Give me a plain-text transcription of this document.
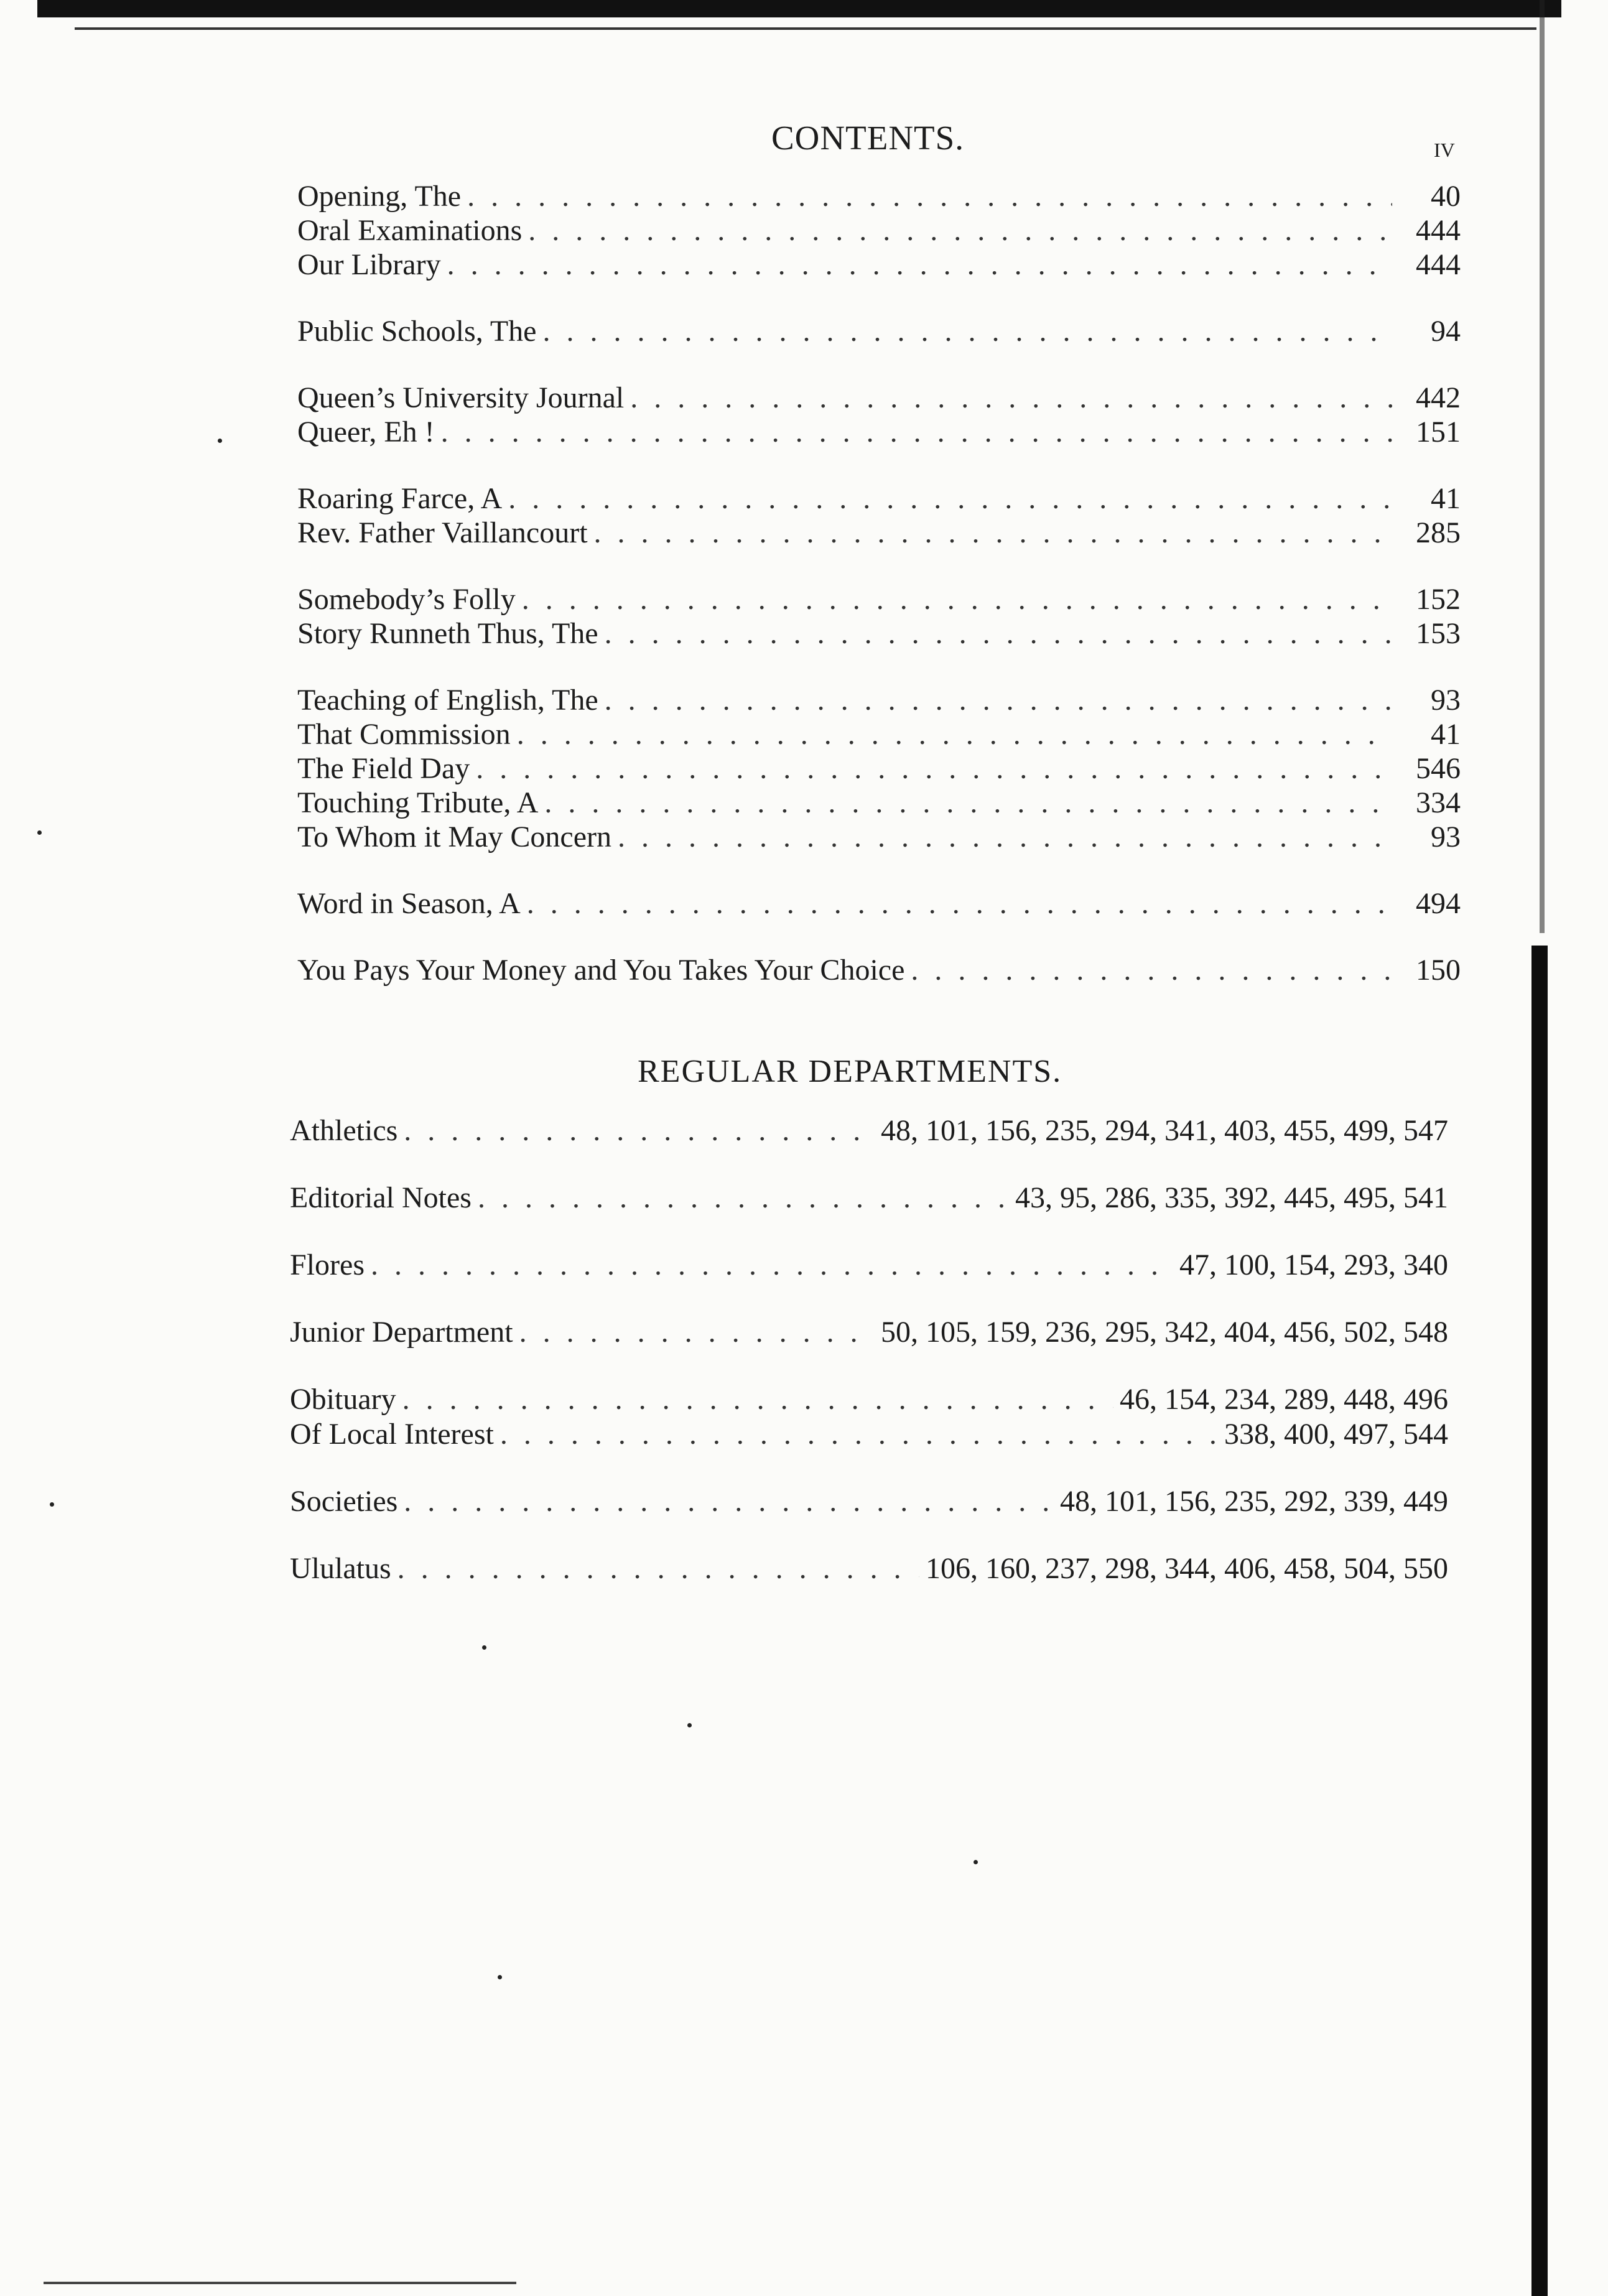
CONTENTS.	iv
Opening, The . . .	40
Oral Examinations . . .	444
Our Library . . .	444
Public Schools, The . . .	94
Queen’s University Journal . . .	442
Queer, Eh ! . . .	151
Roaring Farce, A . . .	41
Rev. Father Vaillancourt . . .	285
Somebody’s Folly . . .	152
Story Runneth Thus, The . . .	153
Teaching of English, The . . .	93
That Commission . . .	41
The Field Day . . .	546
Touching Tribute, A . . .	334
To Whom it May Concern . . .	93
Word in Season, A . . .	494
You Pays Your Money and You Takes Your Choice . . .	150
REGULAR DEPARTMENTS.
Athletics . . .	48, 101, 156, 235, 294, 341, 403, 455, 499, 547
Editorial Notes . . .	43, 95, 286, 335, 392, 445, 495, 541
Flores . . .	47, 100, 154, 293, 340
Junior Department . . .	50, 105, 159, 236, 295, 342, 404, 456, 502, 548
Obituary . . .	46, 154, 234, 289, 448, 496
Of Local Interest . . .	338, 400, 497, 544
Societies . . .	48, 101, 156, 235, 292, 339, 449
Ululatus . . .	106, 160, 237, 298, 344, 406, 458, 504, 550
